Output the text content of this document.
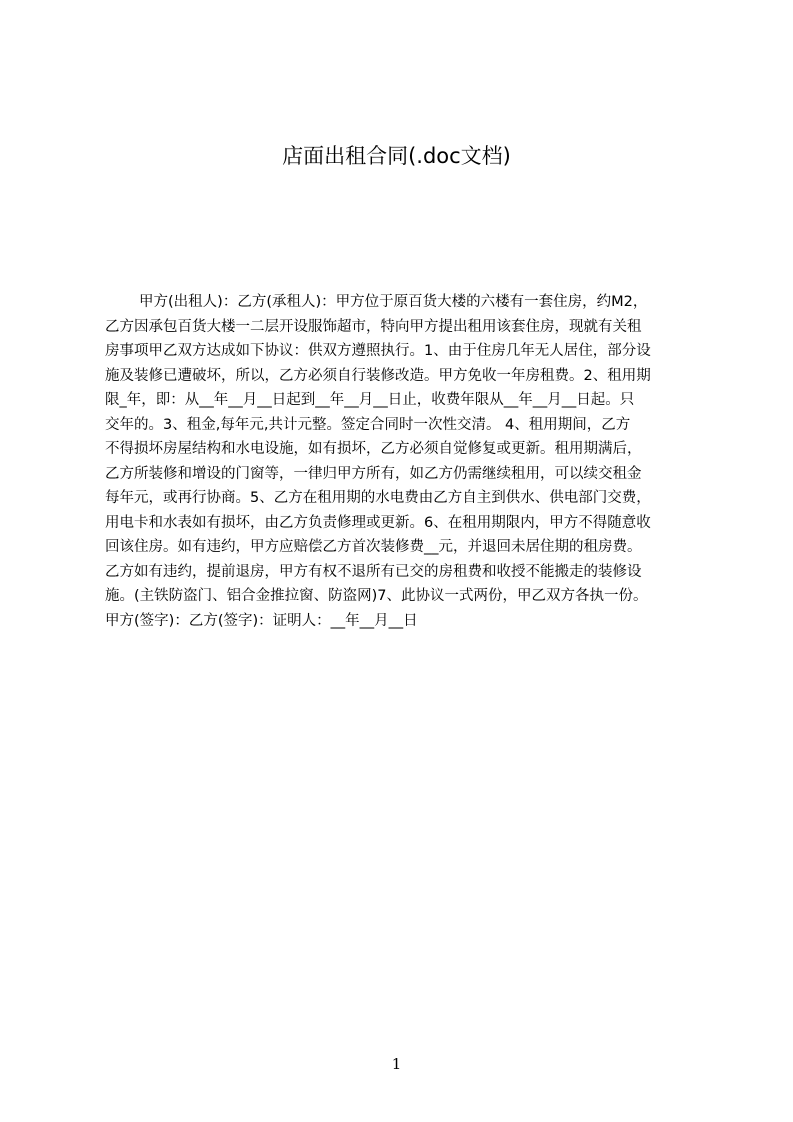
店面出租合同(.doc文档)
甲方(出租人)：乙方(承租人)：甲方位于原百货大楼的六楼有一套住房，约M2，
乙方因承包百货大楼一二层开设服饰超市，特向甲方提出租用该套住房，现就有关租
房事项甲乙双方达成如下协议：供双方遵照执行。1、由于住房几年无人居住，部分设
施及装修已遭破坏，所以，乙方必须自行装修改造。甲方免收一年房租费。2、租用期
限_年，即：从__年__月__日起到__年__月__日止，收费年限从__年__月__日起。只
交年的。3、租金,每年元,共计元整。签定合同时一次性交清。 4、租用期间，乙方
不得损坏房屋结构和水电设施，如有损坏，乙方必须自觉修复或更新。租用期满后，
乙方所装修和增设的门窗等，一律归甲方所有，如乙方仍需继续租用，可以续交租金
每年元，或再行协商。5、乙方在租用期的水电费由乙方自主到供水、供电部门交费，
用电卡和水表如有损坏，由乙方负责修理或更新。6、在租用期限内，甲方不得随意收
回该住房。如有违约，甲方应赔偿乙方首次装修费__元，并退回未居住期的租房费。
乙方如有违约，提前退房，甲方有权不退所有已交的房租费和收授不能搬走的装修设
施。(主铁防盗门、铝合金推拉窗、防盗网)7、此协议一式两份，甲乙双方各执一份。
甲方(签字)：乙方(签字)：证明人：__年__月__日
1
